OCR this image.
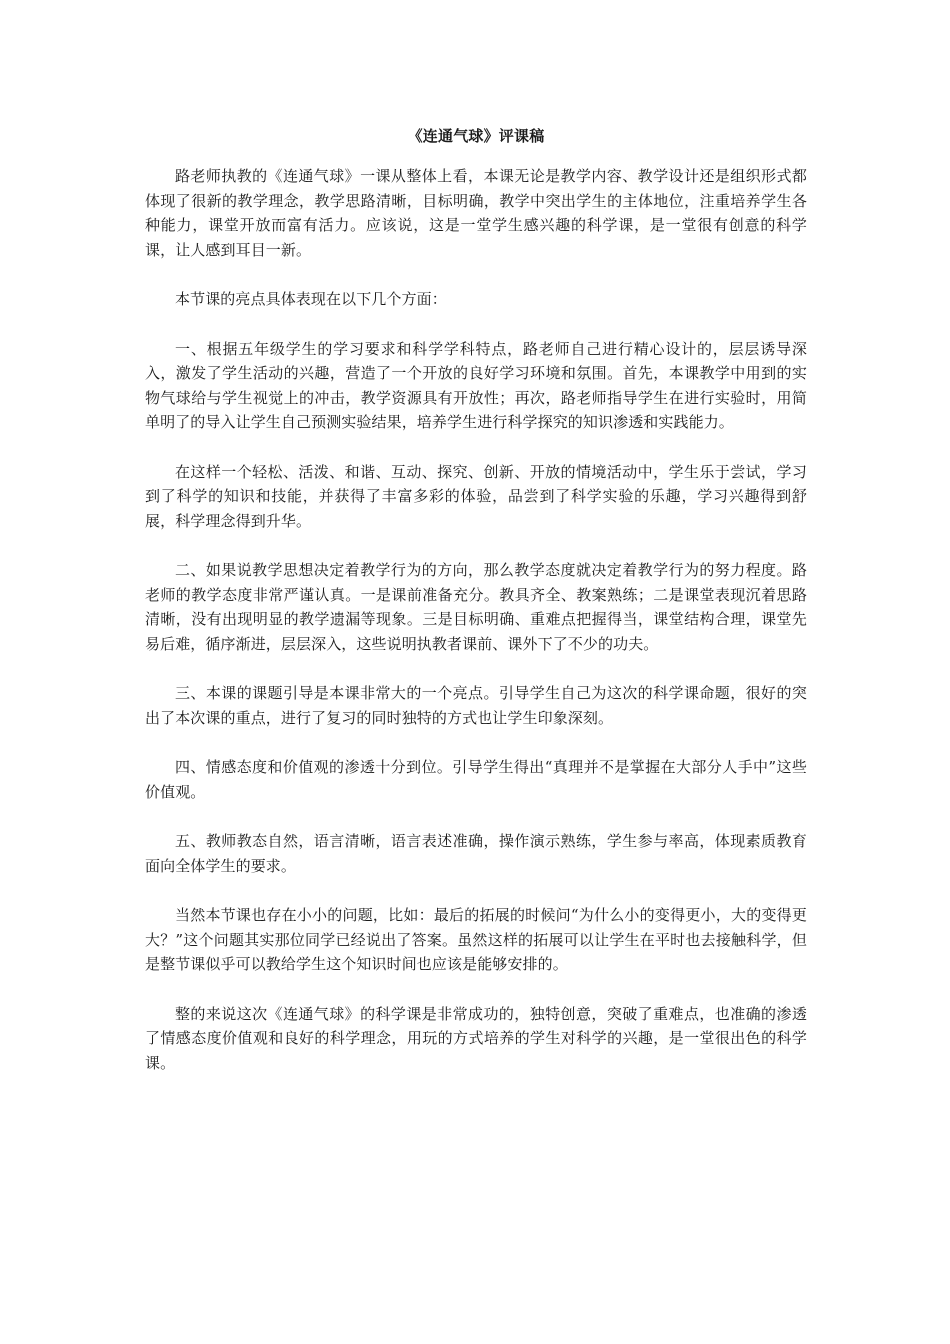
《连通气球》评课稿

路老师执教的《连通气球》一课从整体上看，本课无论是教学内容、教学设计还是组织形式都体现了很新的教学理念，教学思路清晰，目标明确，教学中突出学生的主体地位，注重培养学生各种能力，课堂开放而富有活力。应该说，这是一堂学生感兴趣的科学课，是一堂很有创意的科学课，让人感到耳目一新。

本节课的亮点具体表现在以下几个方面：

一、根据五年级学生的学习要求和科学学科特点，路老师自己进行精心设计的，层层诱导深入，激发了学生活动的兴趣，营造了一个开放的良好学习环境和氛围。首先，本课教学中用到的实物气球给与学生视觉上的冲击，教学资源具有开放性；再次，路老师指导学生在进行实验时，用简单明了的导入让学生自己预测实验结果，培养学生进行科学探究的知识渗透和实践能力。

在这样一个轻松、活泼、和谐、互动、探究、创新、开放的情境活动中，学生乐于尝试，学习到了科学的知识和技能，并获得了丰富多彩的体验，品尝到了科学实验的乐趣，学习兴趣得到舒展，科学理念得到升华。

二、如果说教学思想决定着教学行为的方向，那么教学态度就决定着教学行为的努力程度。路老师的教学态度非常严谨认真。一是课前准备充分。教具齐全、教案熟练；二是课堂表现沉着思路清晰，没有出现明显的教学遗漏等现象。三是目标明确、重难点把握得当，课堂结构合理，课堂先易后难，循序渐进，层层深入，这些说明执教者课前、课外下了不少的功夫。

三、本课的课题引导是本课非常大的一个亮点。引导学生自己为这次的科学课命题，很好的突出了本次课的重点，进行了复习的同时独特的方式也让学生印象深刻。

四、情感态度和价值观的渗透十分到位。引导学生得出“真理并不是掌握在大部分人手中”这些价值观。

五、教师教态自然，语言清晰，语言表述准确，操作演示熟练，学生参与率高，体现素质教育面向全体学生的要求。

当然本节课也存在小小的问题，比如：最后的拓展的时候问“为什么小的变得更小，大的变得更大？”这个问题其实那位同学已经说出了答案。虽然这样的拓展可以让学生在平时也去接触科学，但是整节课似乎可以教给学生这个知识时间也应该是能够安排的。

整的来说这次《连通气球》的科学课是非常成功的，独特创意，突破了重难点，也准确的渗透了情感态度价值观和良好的科学理念，用玩的方式培养的学生对科学的兴趣，是一堂很出色的科学课。
